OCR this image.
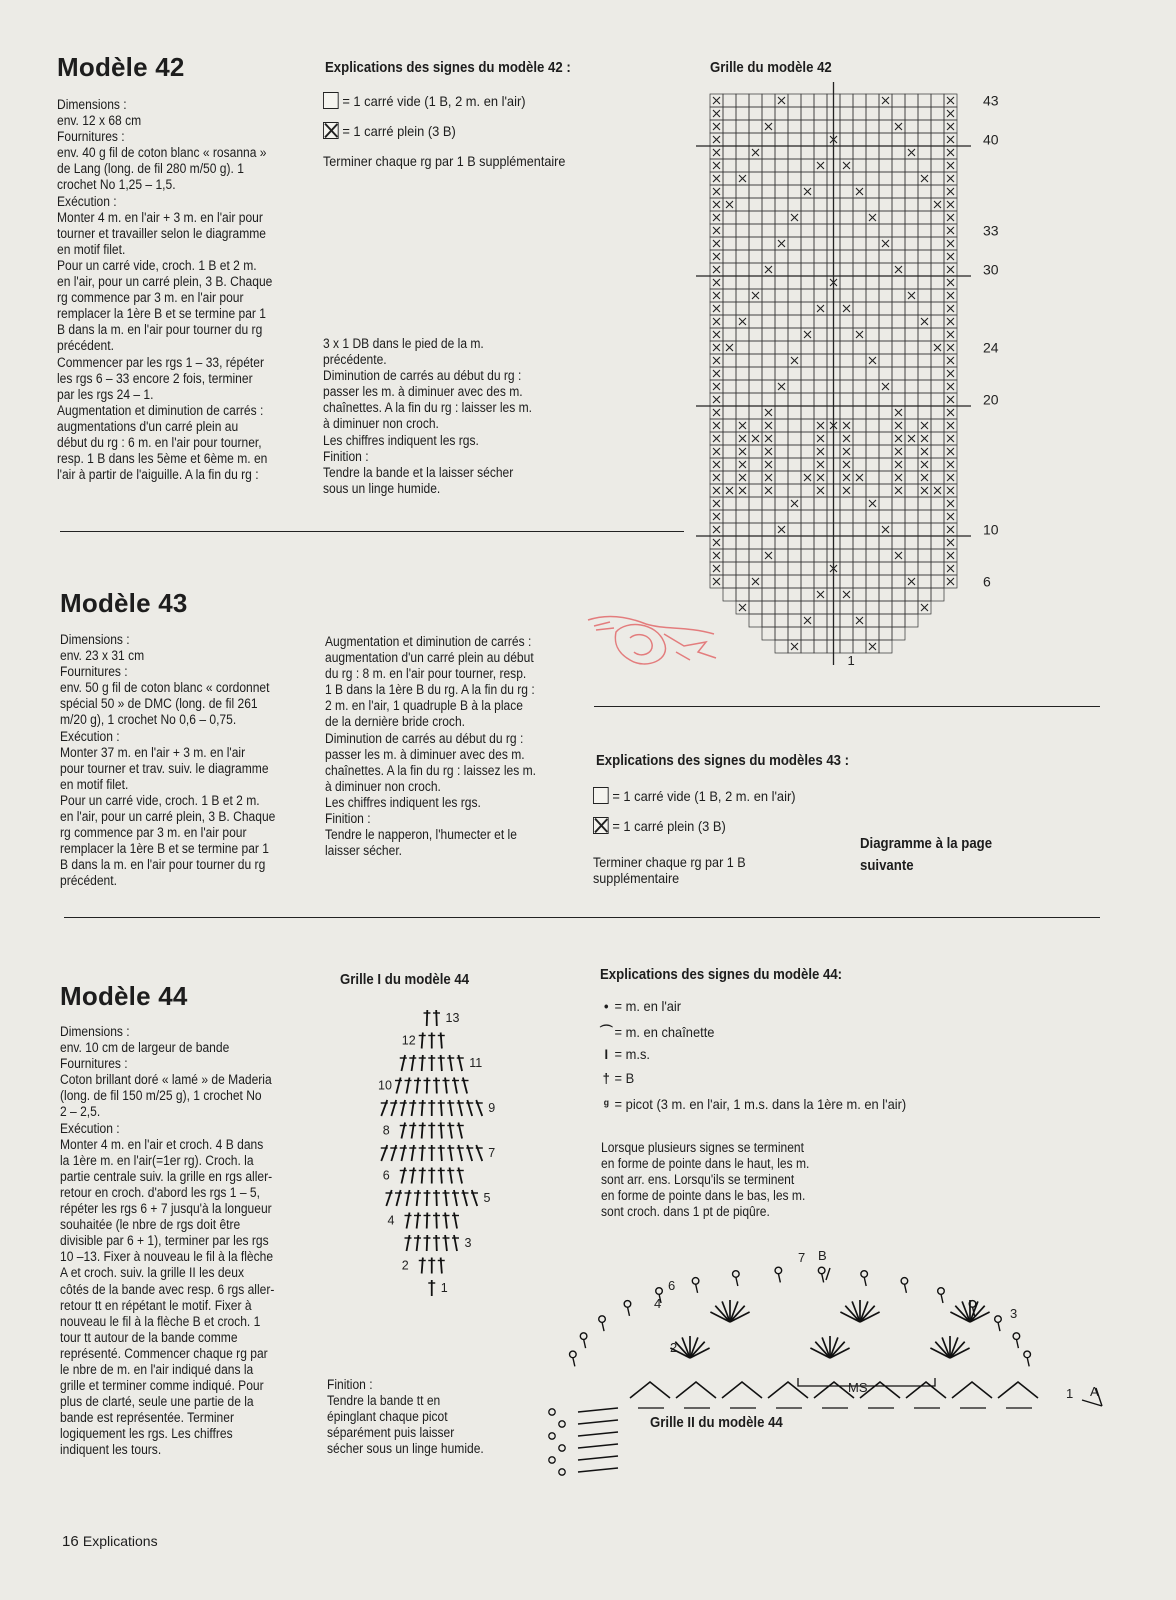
Modèle 42
Dimensions :
env. 12 x 68 cm
Fournitures :
env. 40 g fil de coton blanc « rosanna »
de Lang (long. de fil 280 m/50 g). 1
crochet No 1,25 – 1,5.
Exécution :
Monter 4 m. en l'air + 3 m. en l'air pour
tourner et travailler selon le diagramme
en motif filet.
Pour un carré vide, croch. 1 B et 2 m.
en l'air, pour un carré plein, 3 B. Chaque
rg commence par 3 m. en l'air pour
remplacer la 1ère B et se termine par 1
B dans la m. en l'air pour tourner du rg
précédent.
Commencer par les rgs 1 – 33, répéter
les rgs 6 – 33 encore 2 fois, terminer
par les rgs 24 – 1.
Augmentation et diminution de carrés :
augmentations d'un carré plein au
début du rg : 6 m. en l'air pour tourner,
resp. 1 B dans les 5ème et 6ème m. en
l'air à partir de l'aiguille. A la fin du rg :
Explications des signes du modèle 42 :
= 1 carré vide (1 B, 2 m. en l'air)
= 1 carré plein (3 B)
Terminer chaque rg par 1 B supplémentaire
3 x 1 DB dans le pied de la m.
précédente.
Diminution de carrés au début du rg :
passer les m. à diminuer avec des m.
chaînettes. A la fin du rg : laisser les m.
à diminuer non croch.
Les chiffres indiquent les rgs.
Finition :
Tendre la bande et la laisser sécher
sous un linge humide.
Grille du modèle 42
43
40
33
30
24
20
10
6
1
Modèle 43
Dimensions :
env. 23 x 31 cm
Fournitures :
env. 50 g fil de coton blanc « cordonnet
spécial 50 » de DMC (long. de fil 261
m/20 g), 1 crochet No 0,6 – 0,75.
Exécution :
Monter 37 m. en l'air + 3 m. en l'air
pour tourner et trav. suiv. le diagramme
en motif filet.
Pour un carré vide, croch. 1 B et 2 m.
en l'air, pour un carré plein, 3 B. Chaque
rg commence par 3 m. en l'air pour
remplacer la 1ère B et se termine par 1
B dans la m. en l'air pour tourner du rg
précédent.
Augmentation et diminution de carrés :
augmentation d'un carré plein au début
du rg : 8 m. en l'air pour tourner, resp.
1 B dans la 1ère B du rg. A la fin du rg :
2 m. en l'air, 1 quadruple B à la place
de la dernière bride croch.
Diminution de carrés au début du rg :
passer les m. à diminuer avec des m.
chaînettes. A la fin du rg : laissez les m.
à diminuer non croch.
Les chiffres indiquent les rgs.
Finition :
Tendre le napperon, l'humecter et le
laisser sécher.
Explications des signes du modèles 43 :
= 1 carré vide (1 B, 2 m. en l'air)
= 1 carré plein (3 B)
Diagramme à la page
suivante
Terminer chaque rg par 1 B
supplémentaire
Modèle 44
Dimensions :
env. 10 cm de largeur de bande
Fournitures :
Coton brillant doré « lamé » de Maderia
(long. de fil 150 m/25 g), 1 crochet No
2 – 2,5.
Exécution :
Monter 4 m. en l'air et croch. 4 B dans
la 1ère m. en l'air(=1er rg). Croch. la
partie centrale suiv. la grille en rgs aller-
retour en croch. d'abord les rgs 1 – 5,
répéter les rgs 6 + 7 jusqu'à la longueur
souhaitée (le nbre de rgs doit être
divisible par 6 + 1), terminer par les rgs
10 –13. Fixer à nouveau le fil à la flèche
A et croch. suiv. la grille II les deux
côtés de la bande avec resp. 6 rgs aller-
retour tt en répétant le motif. Fixer à
nouveau le fil à la flèche B et croch. 1
tour tt autour de la bande comme
représenté. Commencer chaque rg par
le nbre de m. en l'air indiqué dans la
grille et terminer comme indiqué. Pour
plus de clarté, seule une partie de la
bande est représentée. Terminer
logiquement les rgs. Les chiffres
indiquent les tours.
Grille I du modèle 44
13
12
11
10
9
8
7
6
5
4
3
2
1
Finition :
Tendre la bande tt en
épinglant chaque picot
séparément puis laisser
sécher sous un linge humide.
Explications des signes du modèle 44:
• = m. en l'air
⌒ = m. en chaînette
I = m.s.
† = B
ᵍ = picot (3 m. en l'air, 1 m.s. dans la 1ère m. en l'air)
Lorsque plusieurs signes se terminent
en forme de pointe dans le haut, les m.
sont arr. ens. Lorsqu'ils se terminent
en forme de pointe dans le bas, les m.
sont croch. dans 1 pt de piqûre.
7 B
A
MS
6
4
3
2
1
Grille II du modèle 44
16 Explications
